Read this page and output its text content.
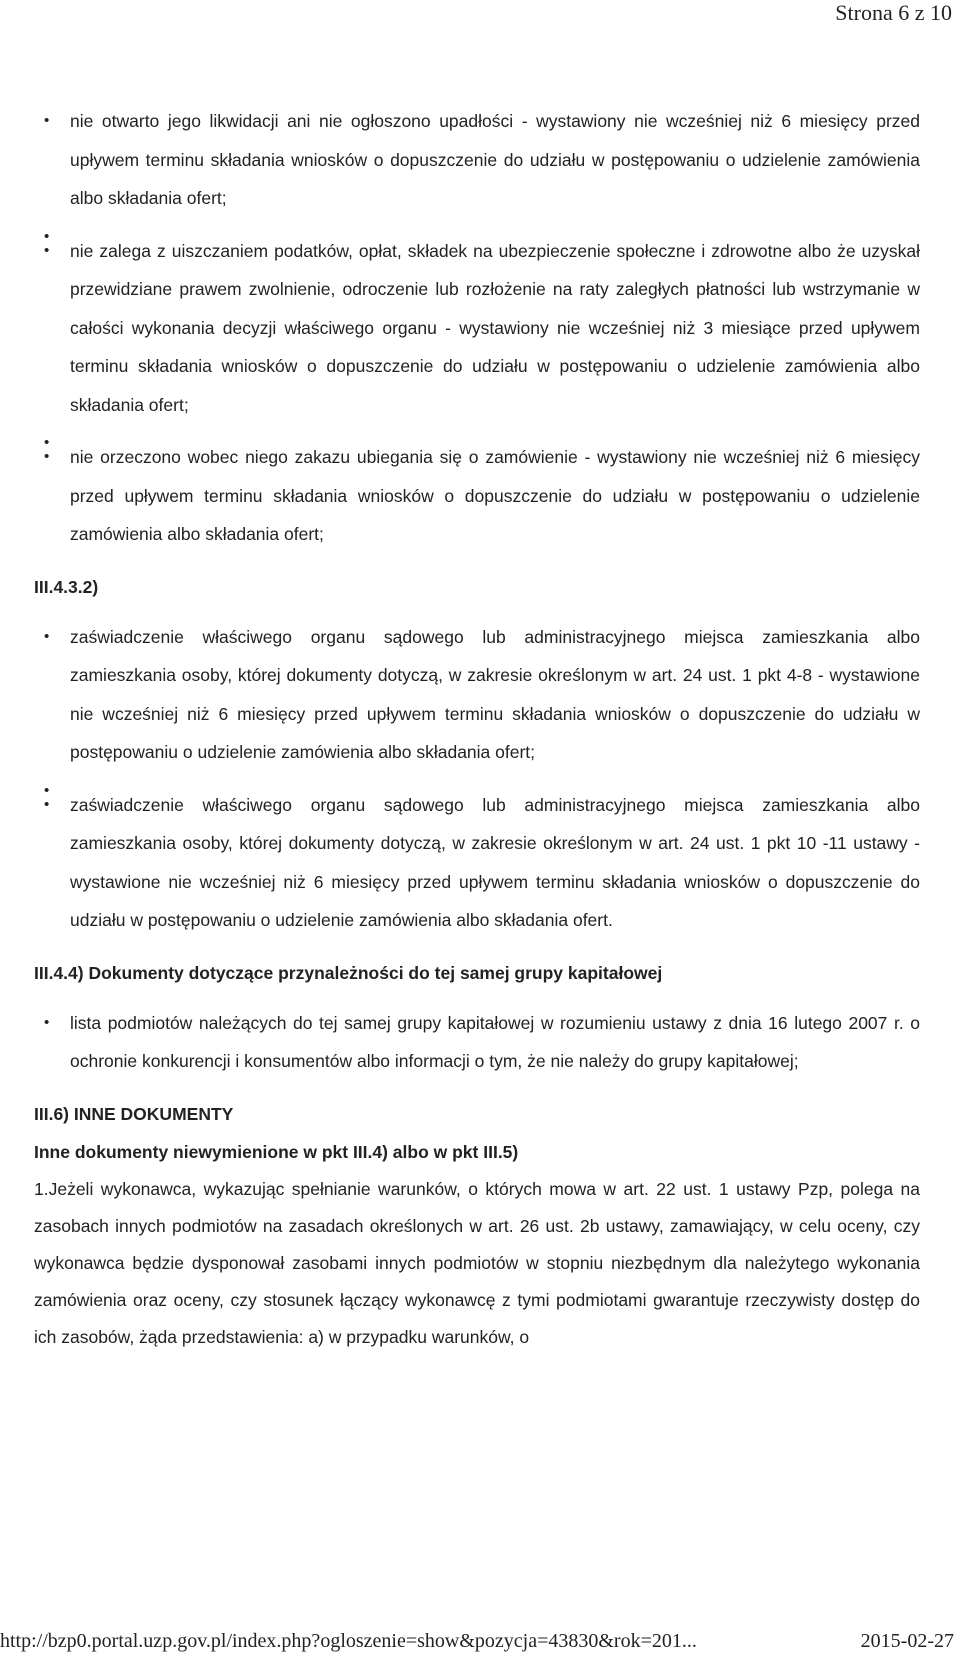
Strona 6 z 10
• nie otwarto jego likwidacji ani nie ogłoszono upadłości - wystawiony nie wcześniej niż 6 miesięcy przed upływem terminu składania wniosków o dopuszczenie do udziału w postępowaniu o udzielenie zamówienia albo składania ofert;
•
• nie zalega z uiszczaniem podatków, opłat, składek na ubezpieczenie społeczne i zdrowotne albo że uzyskał przewidziane prawem zwolnienie, odroczenie lub rozłożenie na raty zaległych płatności lub wstrzymanie w całości wykonania decyzji właściwego organu - wystawiony nie wcześniej niż 3 miesiące przed upływem terminu składania wniosków o dopuszczenie do udziału w postępowaniu o udzielenie zamówienia albo składania ofert;
•
• nie orzeczono wobec niego zakazu ubiegania się o zamówienie - wystawiony nie wcześniej niż 6 miesięcy przed upływem terminu składania wniosków o dopuszczenie do udziału w postępowaniu o udzielenie zamówienia albo składania ofert;

III.4.3.2)

• zaświadczenie właściwego organu sądowego lub administracyjnego miejsca zamieszkania albo zamieszkania osoby, której dokumenty dotyczą, w zakresie określonym w art. 24 ust. 1 pkt 4-8 - wystawione nie wcześniej niż 6 miesięcy przed upływem terminu składania wniosków o dopuszczenie do udziału w postępowaniu o udzielenie zamówienia albo składania ofert;
•
• zaświadczenie właściwego organu sądowego lub administracyjnego miejsca zamieszkania albo zamieszkania osoby, której dokumenty dotyczą, w zakresie określonym w art. 24 ust. 1 pkt 10 -11 ustawy - wystawione nie wcześniej niż 6 miesięcy przed upływem terminu składania wniosków o dopuszczenie do udziału w postępowaniu o udzielenie zamówienia albo składania ofert.

III.4.4) Dokumenty dotyczące przynależności do tej samej grupy kapitałowej

• lista podmiotów należących do tej samej grupy kapitałowej w rozumieniu ustawy z dnia 16 lutego 2007 r. o ochronie konkurencji i konsumentów albo informacji o tym, że nie należy do grupy kapitałowej;

III.6) INNE DOKUMENTY

Inne dokumenty niewymienione w pkt III.4) albo w pkt III.5)

1.Jeżeli wykonawca, wykazując spełnianie warunków, o których mowa w art. 22 ust. 1 ustawy Pzp, polega na zasobach innych podmiotów na zasadach określonych w art. 26 ust. 2b ustawy, zamawiający, w celu oceny, czy wykonawca będzie dysponował zasobami innych podmiotów w stopniu niezbędnym dla należytego wykonania zamówienia oraz oceny, czy stosunek łączący wykonawcę z tymi podmiotami gwarantuje rzeczywisty dostęp do ich zasobów, żąda przedstawienia: a) w przypadku warunków, o

http://bzp0.portal.uzp.gov.pl/index.php?ogloszenie=show&pozycja=43830&rok=201...	2015-02-27
